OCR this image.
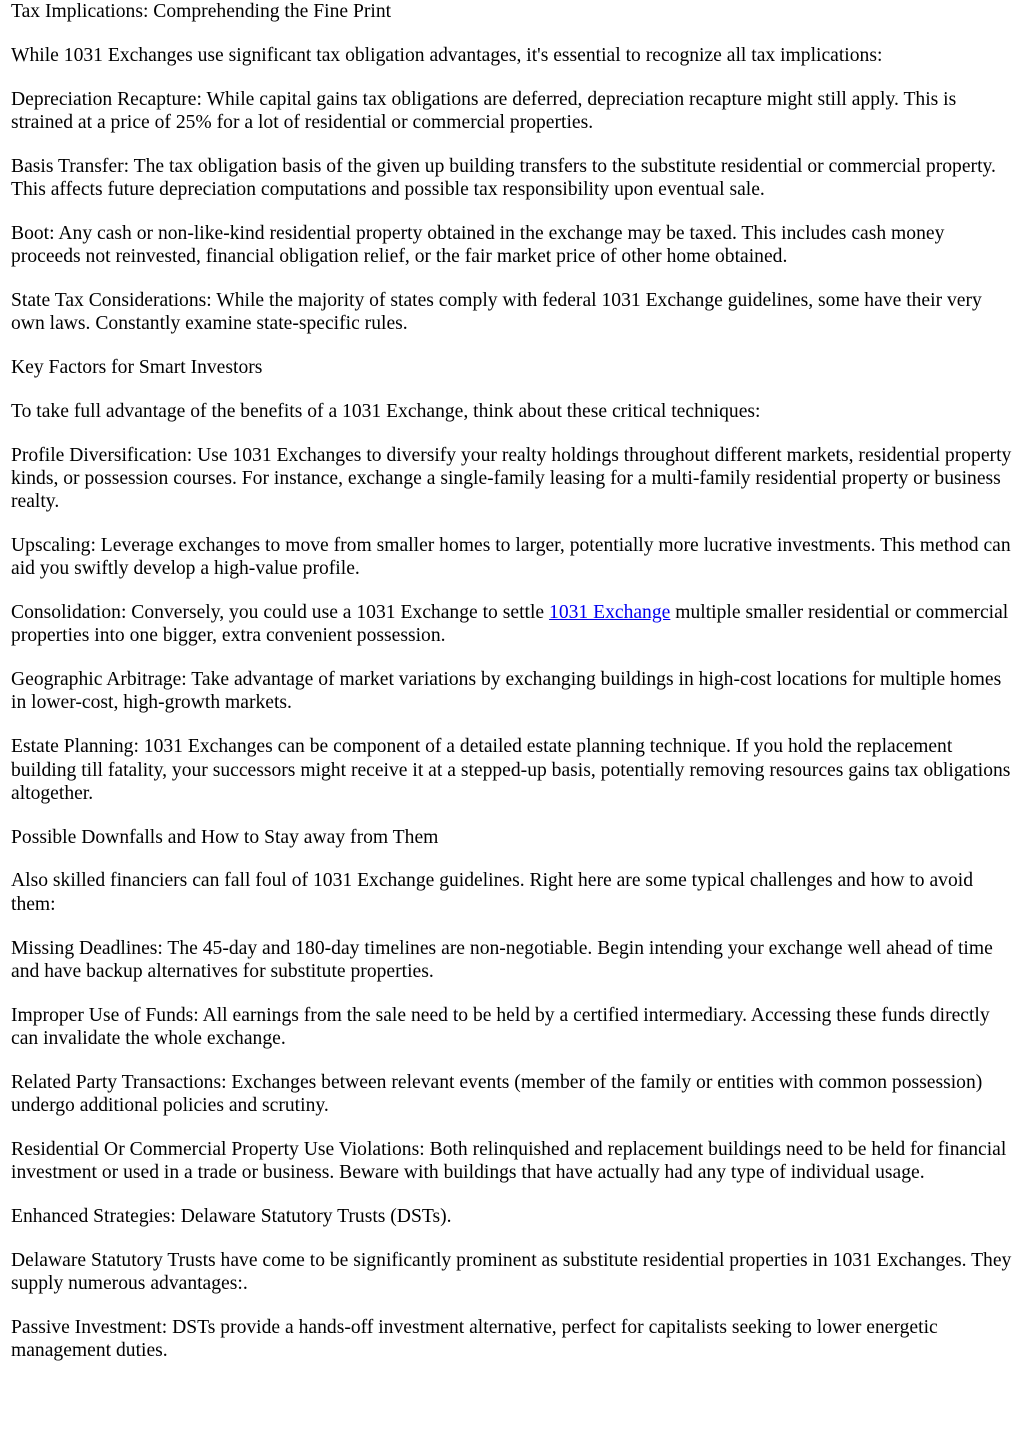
Tax Implications: Comprehending the Fine Print

While 1031 Exchanges use significant tax obligation advantages, it's essential to recognize all tax implications:

Depreciation Recapture: While capital gains tax obligations are deferred, depreciation recapture might still apply. This is strained at a price of 25% for a lot of residential or commercial properties.

Basis Transfer: The tax obligation basis of the given up building transfers to the substitute residential or commercial property. This affects future depreciation computations and possible tax responsibility upon eventual sale.

Boot: Any cash or non-like-kind residential property obtained in the exchange may be taxed. This includes cash money proceeds not reinvested, financial obligation relief, or the fair market price of other home obtained.

State Tax Considerations: While the majority of states comply with federal 1031 Exchange guidelines, some have their very own laws. Constantly examine state-specific rules.

Key Factors for Smart Investors

To take full advantage of the benefits of a 1031 Exchange, think about these critical techniques:

Profile Diversification: Use 1031 Exchanges to diversify your realty holdings throughout different markets, residential property kinds, or possession courses. For instance, exchange a single-family leasing for a multi-family residential property or business realty.

Upscaling: Leverage exchanges to move from smaller homes to larger, potentially more lucrative investments. This method can aid you swiftly develop a high-value profile.

Consolidation: Conversely, you could use a 1031 Exchange to settle 1031 Exchange multiple smaller residential or commercial properties into one bigger, extra convenient possession.

Geographic Arbitrage: Take advantage of market variations by exchanging buildings in high-cost locations for multiple homes in lower-cost, high-growth markets.

Estate Planning: 1031 Exchanges can be component of a detailed estate planning technique. If you hold the replacement building till fatality, your successors might receive it at a stepped-up basis, potentially removing resources gains tax obligations altogether.

Possible Downfalls and How to Stay away from Them

Also skilled financiers can fall foul of 1031 Exchange guidelines. Right here are some typical challenges and how to avoid them:

Missing Deadlines: The 45-day and 180-day timelines are non-negotiable. Begin intending your exchange well ahead of time and have backup alternatives for substitute properties.

Improper Use of Funds: All earnings from the sale need to be held by a certified intermediary. Accessing these funds directly can invalidate the whole exchange.

Related Party Transactions: Exchanges between relevant events (member of the family or entities with common possession) undergo additional policies and scrutiny.

Residential Or Commercial Property Use Violations: Both relinquished and replacement buildings need to be held for financial investment or used in a trade or business. Beware with buildings that have actually had any type of individual usage.

Enhanced Strategies: Delaware Statutory Trusts (DSTs).

Delaware Statutory Trusts have come to be significantly prominent as substitute residential properties in 1031 Exchanges. They supply numerous advantages:.

Passive Investment: DSTs provide a hands-off investment alternative, perfect for capitalists seeking to lower energetic management duties.
